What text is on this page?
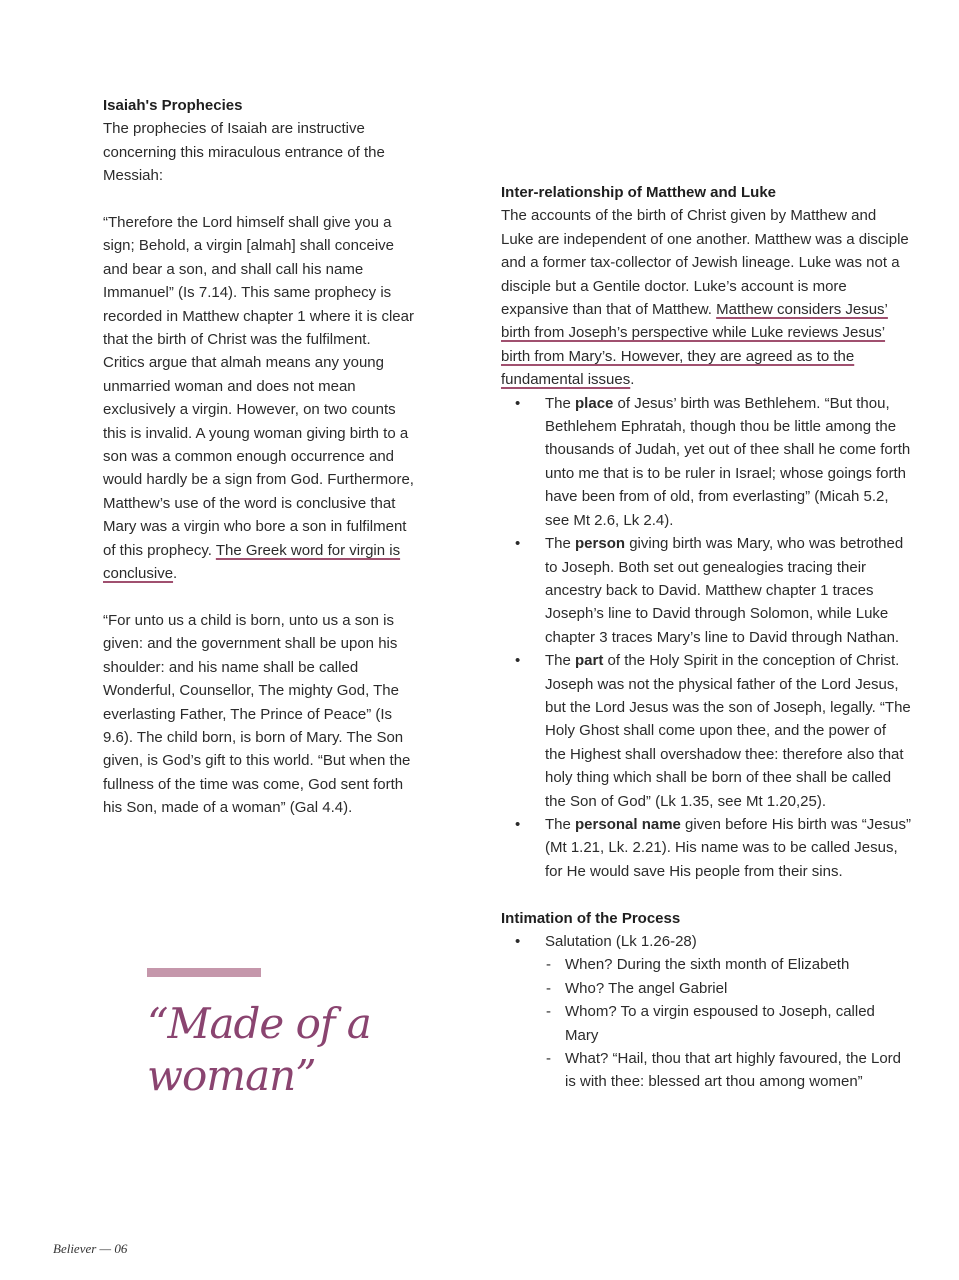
Isaiah's Prophecies

The prophecies of Isaiah are instructive concerning this miraculous entrance of the Messiah:

“Therefore the Lord himself shall give you a sign; Behold, a virgin [almah] shall conceive and bear a son, and shall call his name Immanuel” (Is 7.14). This same prophecy is recorded in Matthew chapter 1 where it is clear that the birth of Christ was the fulfilment. Critics argue that almah means any young unmarried woman and does not mean exclusively a virgin. However, on two counts this is invalid. A young woman giving birth to a son was a common enough occurrence and would hardly be a sign from God. Furthermore, Matthew’s use of the word is conclusive that Mary was a virgin who bore a son in fulfilment of this prophecy. The Greek word for virgin is conclusive.

“For unto us a child is born, unto us a son is given: and the government shall be upon his shoulder: and his name shall be called Wonderful, Counsellor, The mighty God, The everlasting Father, The Prince of Peace” (Is 9.6). The child born, is born of Mary. The Son given, is God’s gift to this world. “But when the fullness of the time was come, God sent forth his Son, made of a woman” (Gal 4.4).

“Made of a woman”
Inter-relationship of Matthew and Luke

The accounts of the birth of Christ given by Matthew and Luke are independent of one another. Matthew was a disciple and a former tax-collector of Jewish lineage. Luke was not a disciple but a Gentile doctor. Luke’s account is more expansive than that of Matthew. Matthew considers Jesus’ birth from Joseph’s perspective while Luke reviews Jesus’ birth from Mary’s. However, they are agreed as to the fundamental issues.

• The place of Jesus’ birth was Bethlehem. “But thou, Bethlehem Ephratah, though thou be little among the thousands of Judah, yet out of thee shall he come forth unto me that is to be ruler in Israel; whose goings forth have been from of old, from everlasting” (Micah 5.2, see Mt 2.6, Lk 2.4).
• The person giving birth was Mary, who was betrothed to Joseph. Both set out genealogies tracing their ancestry back to David. Matthew chapter 1 traces Joseph’s line to David through Solomon, while Luke chapter 3 traces Mary’s line to David through Nathan.
• The part of the Holy Spirit in the conception of Christ. Joseph was not the physical father of the Lord Jesus, but the Lord Jesus was the son of Joseph, legally. “The Holy Ghost shall come upon thee, and the power of the Highest shall overshadow thee: therefore also that holy thing which shall be born of thee shall be called the Son of God” (Lk 1.35, see Mt 1.20,25).
• The personal name given before His birth was “Jesus” (Mt 1.21, Lk. 2.21). His name was to be called Jesus, for He would save His people from their sins.
Intimation of the Process
• Salutation (Lk 1.26-28)
- When? During the sixth month of Elizabeth
- Who? The angel Gabriel
- Whom? To a virgin espoused to Joseph, called Mary
- What? “Hail, thou that art highly favoured, the Lord is with thee: blessed art thou among women”
Believer — 06
